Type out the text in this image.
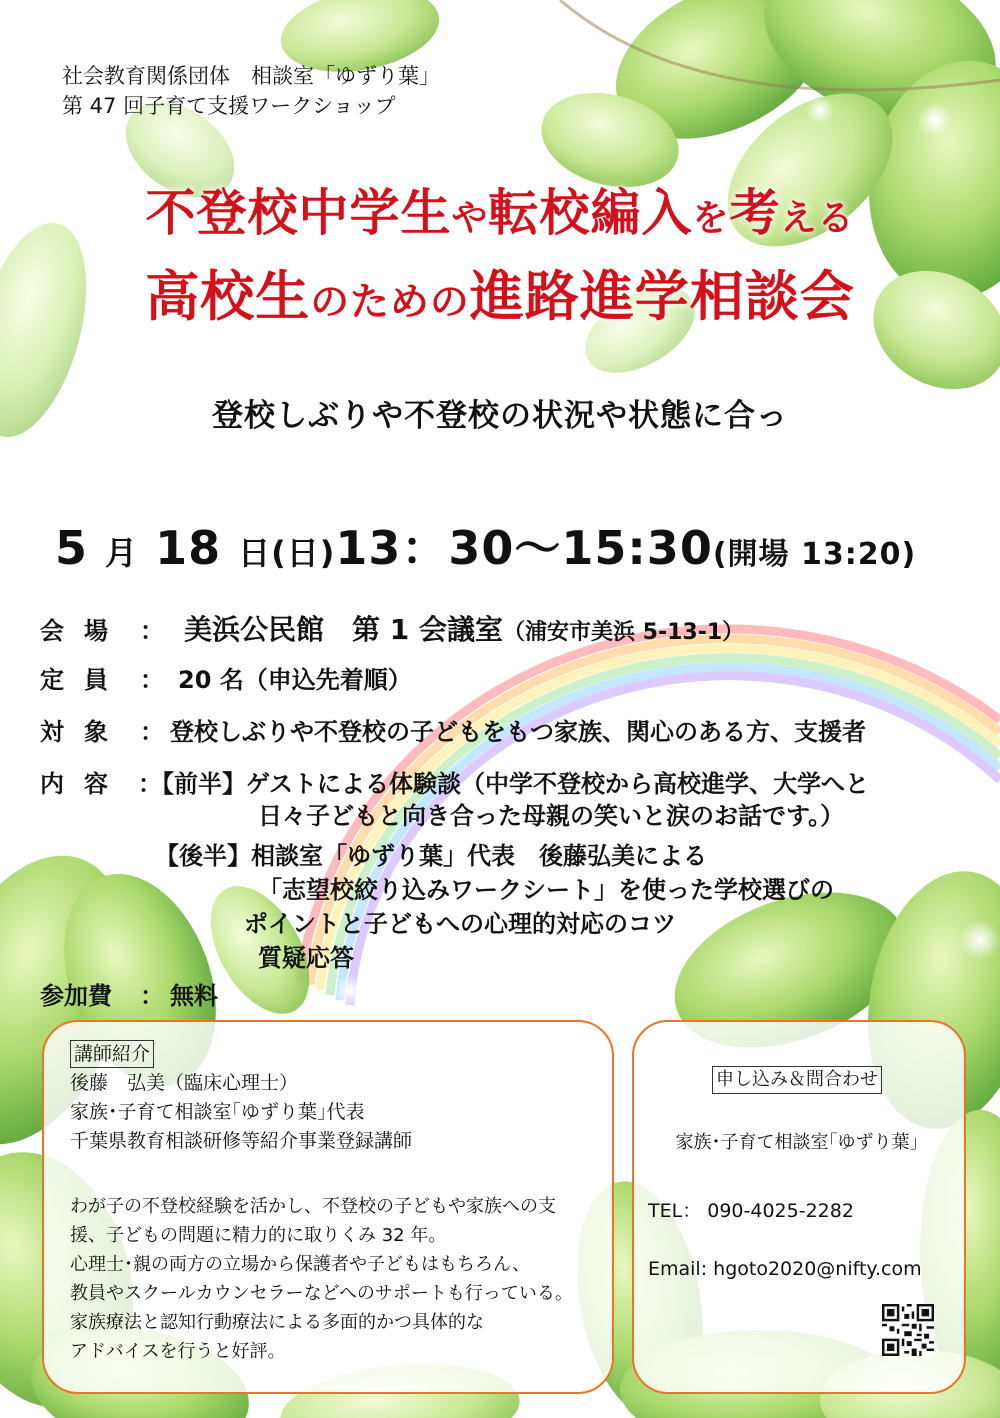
社会教育関係団体　相談室「ゆずり葉」
第 47 回子育て支援ワークショップ
不登校中学生や転校編入を考える
高校生のための進路進学相談会
登校しぶりや不登校の状況や状態に合っ
5 月 18 日(日)13：30～15:30(開場 13:20)
会場 ： 美浜公民館　第 1 会議室（浦安市美浜 5-13-1）
定員 ： 20 名（申込先着順）
対象 ： 登校しぶりや不登校の子どもをもつ家族、関心のある方、支援者
内容 ：【前半】ゲストによる体験談（中学不登校から高校進学、大学へと
日々子どもと向き合った母親の笑いと涙のお話です。）
【後半】相談室「ゆずり葉」代表　後藤弘美による
「志望校絞り込みワークシート」を使った学校選びの
ポイントと子どもへの心理的対応のコツ
質疑応答
参加費 ： 無料
講師紹介
後藤　弘美（臨床心理士）
家族･子育て相談室｢ゆずり葉｣代表
千葉県教育相談研修等紹介事業登録講師
わが子の不登校経験を活かし、不登校の子どもや家族への支
援、子どもの問題に精力的に取りくみ 32 年。
心理士･親の両方の立場から保護者や子どもはもちろん、
教員やスクールカウンセラーなどへのサポートも行っている。
家族療法と認知行動療法による多面的かつ具体的な
アドバイスを行うと好評。
申し込み＆問合わせ
家族･子育て相談室｢ゆずり葉｣
TEL： 090-4025-2282
Email: hgoto2020@nifty.com
